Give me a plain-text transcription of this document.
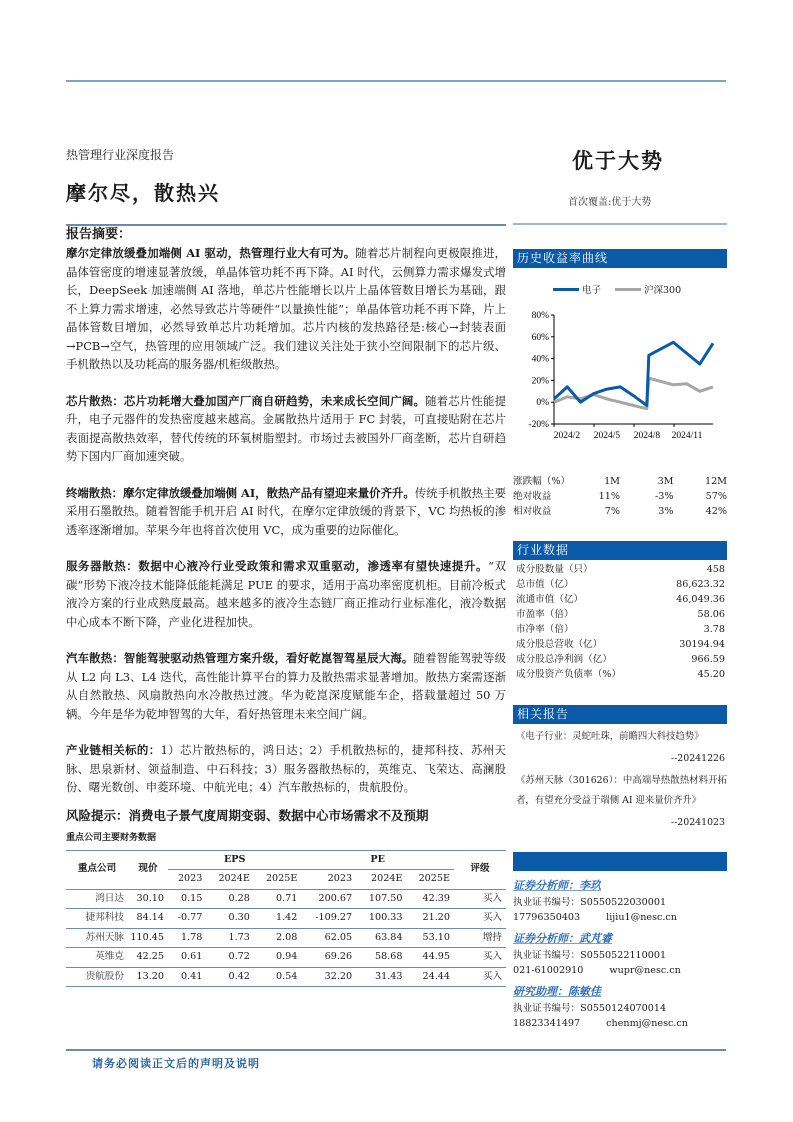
热管理行业深度报告
摩尔尽，散热兴
优于大势
首次覆盖:优于大势
报告摘要：

摩尔定律放缓叠加端侧 AI 驱动，热管理行业大有可为。随着芯片制程向更极限推进，晶体管密度的增速显著放缓，单晶体管功耗不再下降。AI 时代，云侧算力需求爆发式增长，DeepSeek 加速端侧 AI 落地，单芯片性能增长以片上晶体管数目增长为基础，跟不上算力需求增速，必然导致芯片等硬件“以量换性能”；单晶体管功耗不再下降，片上晶体管数目增加，必然导致单芯片功耗增加。芯片内核的发热路径是:核心→封装表面→PCB→空气，热管理的应用领域广泛。我们建议关注处于狭小空间限制下的芯片级、手机散热以及功耗高的服务器/机柜级散热。

芯片散热：芯片功耗增大叠加国产厂商自研趋势，未来成长空间广阔。随着芯片性能提升，电子元器件的发热密度越来越高。金属散热片适用于 FC 封装，可直接贴附在芯片表面提高散热效率，替代传统的环氧树脂塑封。市场过去被国外厂商垄断，芯片自研趋势下国内厂商加速突破。

终端散热：摩尔定律放缓叠加端侧 AI，散热产品有望迎来量价齐升。传统手机散热主要采用石墨散热。随着智能手机开启 AI 时代，在摩尔定律放缓的背景下，VC 均热板的渗透率逐渐增加。苹果今年也将首次使用 VC，成为重要的边际催化。

服务器散热：数据中心液冷行业受政策和需求双重驱动，渗透率有望快速提升。“双碳”形势下液冷技术能降低能耗满足 PUE 的要求，适用于高功率密度机柜。目前冷板式液冷方案的行业成熟度最高。越来越多的液冷生态链厂商正推动行业标准化，液冷数据中心成本不断下降，产业化进程加快。

汽车散热：智能驾驶驱动热管理方案升级，看好乾崑智驾星辰大海。随着智能驾驶等级从 L2 向 L3、L4 迭代，高性能计算平台的算力及散热需求显著增加。散热方案需逐渐从自然散热、风扇散热向水冷散热过渡。华为乾崑深度赋能车企，搭载量超过 50 万辆。今年是华为乾坤智驾的大年，看好热管理未来空间广阔。

产业链相关标的：1）芯片散热标的，鸿日达；2）手机散热标的，捷邦科技、苏州天脉、思泉新材、领益制造、中石科技；3）服务器散热标的，英维克、飞荣达、高澜股份、曙光数创、申菱环境、中航光电；4）汽车散热标的，贵航股份。

风险提示：消费电子景气度周期变弱、数据中心市场需求不及预期
重点公司主要财务数据
重点公司	现价	EPS			PE			评级
		2023	2024E	2025E	2023	2024E	2025E	
鸿日达	30.10	0.15	0.28	0.71	200.67	107.50	42.39	买入
捷邦科技	84.14	-0.77	0.30	1.42	-109.27	100.33	21.20	买入
苏州天脉	110.45	1.78	1.73	2.08	62.05	63.84	53.10	增持
英维克	42.25	0.61	0.72	0.94	69.26	58.68	44.95	买入
贵航股份	13.20	0.41	0.42	0.54	32.20	31.43	24.44	买入
历史收益率曲线
电子	沪深300
-20%
0%
20%
40%
60%
80%
2024/2 2024/5 2024/8 2024/11
涨跌幅（%）	1M	3M	12M
绝对收益	11%	-3%	57%
相对收益	7%	3%	42%
行业数据
成分股数量（只）	458
总市值（亿）	86,623.32
流通市值（亿）	46,049.36
市盈率（倍）	58.06
市净率（倍）	3.78
成分股总营收（亿）	30194.94
成分股总净利润（亿）	966.59
成分股资产负债率（%）	45.20
相关报告
《电子行业：灵蛇吐珠，前瞻四大科技趋势》
--20241226
《苏州天脉（301626）：中高端导热散热材料开拓者，有望充分受益于端侧 AI 迎来量价齐升》
--20241023
证券分析师：李玖
执业证书编号：S0550522030001
17796350403	lijiu1@nesc.cn
证券分析师：武芃睿
执业证书编号：S0550522110001
021-61002910	wupr@nesc.cn
研究助理：陈敏佳
执业证书编号：S0550124070014
18823341497	chenmj@nesc.cn
请务必阅读正文后的声明及说明
